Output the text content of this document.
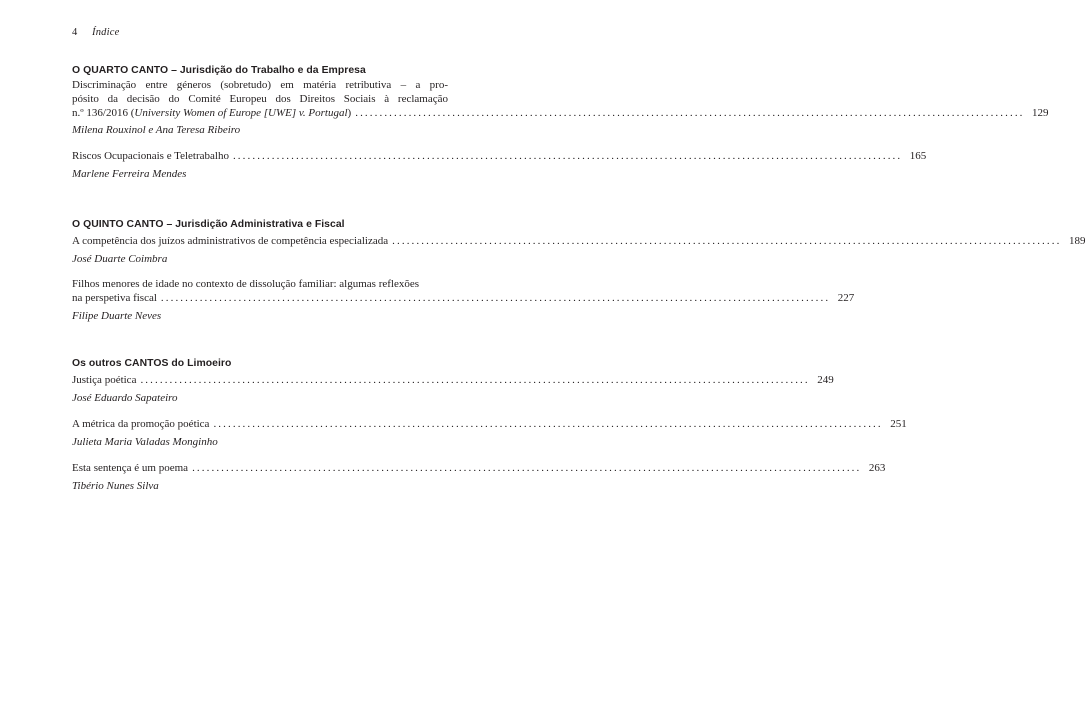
4 Índice
O QUARTO CANTO – Jurisdição do Trabalho e da Empresa
Discriminação entre géneros (sobretudo) em matéria retributiva – a pro-
pósito da decisão do Comité Europeu dos Direitos Sociais à reclamação
n.º 136/2016 (University Women of Europe [UWE] v. Portugal) .......................................................................................................................................... 129
Milena Rouxinol e Ana Teresa Ribeiro
Riscos Ocupacionais e Teletrabalho .......................................................................................................................................... 165
Marlene Ferreira Mendes
O QUINTO CANTO – Jurisdição Administrativa e Fiscal
A competência dos juízos administrativos de competência especializada .......................................................................................................................................... 189
José Duarte Coimbra
Filhos menores de idade no contexto de dissolução familiar: algumas reflexões
na perspetiva fiscal .......................................................................................................................................... 227
Filipe Duarte Neves
Os outros CANTOS do Limoeiro
Justiça poética .......................................................................................................................................... 249
José Eduardo Sapateiro
A métrica da promoção poética .......................................................................................................................................... 251
Julieta Maria Valadas Monginho
Esta sentença é um poema .......................................................................................................................................... 263
Tibério Nunes Silva
